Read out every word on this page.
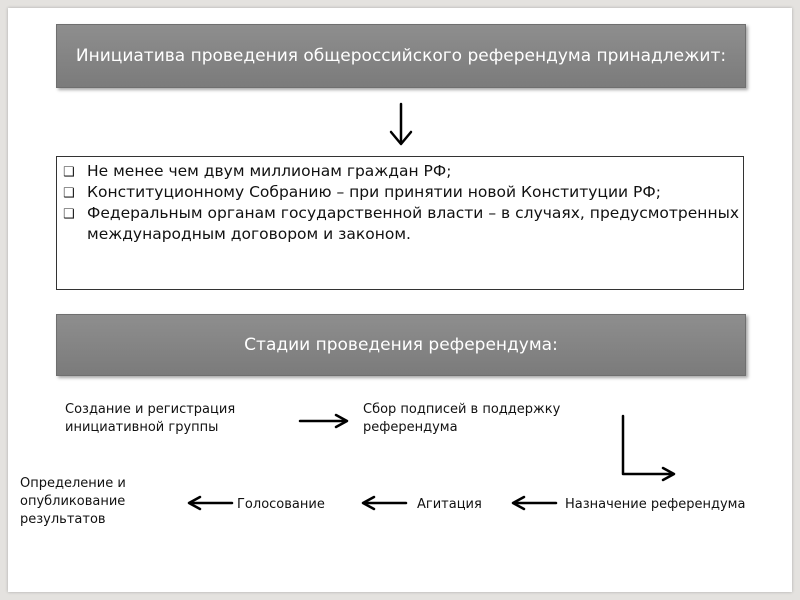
Инициатива проведения общероссийского референдума принадлежит:
❑ Не менее чем двум миллионам граждан РФ;
❑ Конституционному Собранию – при принятии новой Конституции РФ;
❑ Федеральным органам государственной власти – в случаях, предусмотренных международным договором и законом.
Стадии проведения референдума:
Создание и регистрация инициативной группы
Сбор подписей в поддержку референдума
Назначение референдума
Агитация
Голосование
Определение и опубликование результатов
